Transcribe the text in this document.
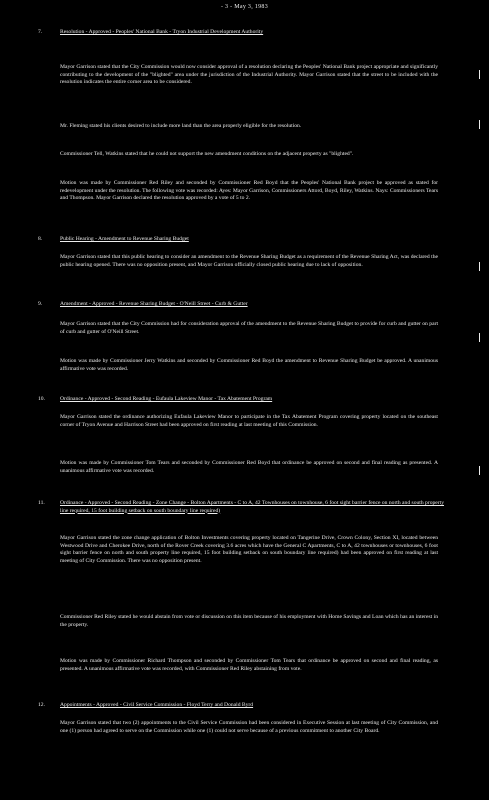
- 3 - May 3, 1983
7.	Resolution - Approved - Peoples' National Bank - Tryon Industrial Development Authority

Mayor Garrison stated that the City Commission would now consider approval of a resolution declaring the Peoples' National Bank project appropriate and significantly contributing to the development of the "blighted" area under the jurisdiction of the Industrial Authority. Mayor Garrison stated that the street to be included with the resolution indicates the entire corner area to be considered.

Mr. Fleming stated his clients desired to include more land than the area properly eligible for the resolution.

Commissioner Tell, Watkins stated that he could not support the new amendment conditions on the adjacent property as "blighted".

Motion was made by Commissioner Red Riley and seconded by Commissioner Red Boyd that the Peoples' National Bank project be approved as stated for redevelopment under the resolution. The following vote was recorded: Ayes: Mayor Garrison, Commissioners Attord, Boyd, Riley, Watkins. Nays: Commissioners Tears and Thompson. Mayor Garrison declared the resolution approved by a vote of 5 to 2.

8.	Public Hearing - Amendment to Revenue Sharing Budget

Mayor Garrison stated that this public hearing to consider an amendment to the Revenue Sharing Budget as a requirement of the Revenue Sharing Act, was declared the public hearing opened. There was no opposition present, and Mayor Garrison officially closed public hearing due to lack of opposition.

9.	Amendment - Approved - Revenue Sharing Budget - O'Neill Street - Curb & Gutter

Mayor Garrison stated that the City Commission had for consideration approval of the amendment to the Revenue Sharing Budget to provide for curb and gutter on part of curb and gutter of O'Neill Street.

Motion was made by Commissioner Jerry Watkins and seconded by Commissioner Red Boyd the amendment to Revenue Sharing Budget be approved. A unanimous affirmative vote was recorded.

10.	Ordinance - Approved - Second Reading - Eufaula Lakeview Manor - Tax Abatement Program

Mayor Garrison stated the ordinance authorizing Eufaula Lakeview Manor to participate in the Tax Abatement Program covering property located on the southeast corner of Tryon Avenue and Harrison Street had been approved on first reading at last meeting of this Commission.

Motion was made by Commissioner Tom Tears and seconded by Commissioner Red Boyd that ordinance be approved on second and final reading as presented. A unanimous affirmative vote was recorded.

11.	Ordinance - Approved - Second Reading - Zone Change - Bolton Apartments - C to A, 42 Townhouses on townhouse, 6 foot sight barrier fence on north and south property line required, 15 foot building setback on south boundary line required)

Mayor Garrison stated the zone change application of Bolton Investments covering property located on Tangerine Drive, Crown Colony, Section XI, located between Westwood Drive and Cherokee Drive, north of the Rover Creek covering 3.6 acres which have the General C Apartments, C to A, 42 townhouses or townhouses, 6 foot sight barrier fence on north and south property line required, 15 foot building setback on south boundary line required) had been approved on first reading at last meeting of City Commission. There was no opposition present.

Commissioner Red Riley stated he would abstain from vote or discussion on this item because of his employment with Home Savings and Loan which has an interest in the property.

Motion was made by Commissioner Richard Thompson and seconded by Commissioner Tom Tears that ordinance be approved on second and final reading, as presented. A unanimous affirmative vote was recorded, with Commissioner Red Riley abstaining from vote.

12.	Appointments - Approved - Civil Service Commission - Floyd Terry and Donald Byrd

Mayor Garrison stated that two (2) appointments to the Civil Service Commission had been considered in Executive Session at last meeting of City Commission, and one (1) person had agreed to serve on the Commission while one (1) could not serve because of a previous commitment to another City Board.
